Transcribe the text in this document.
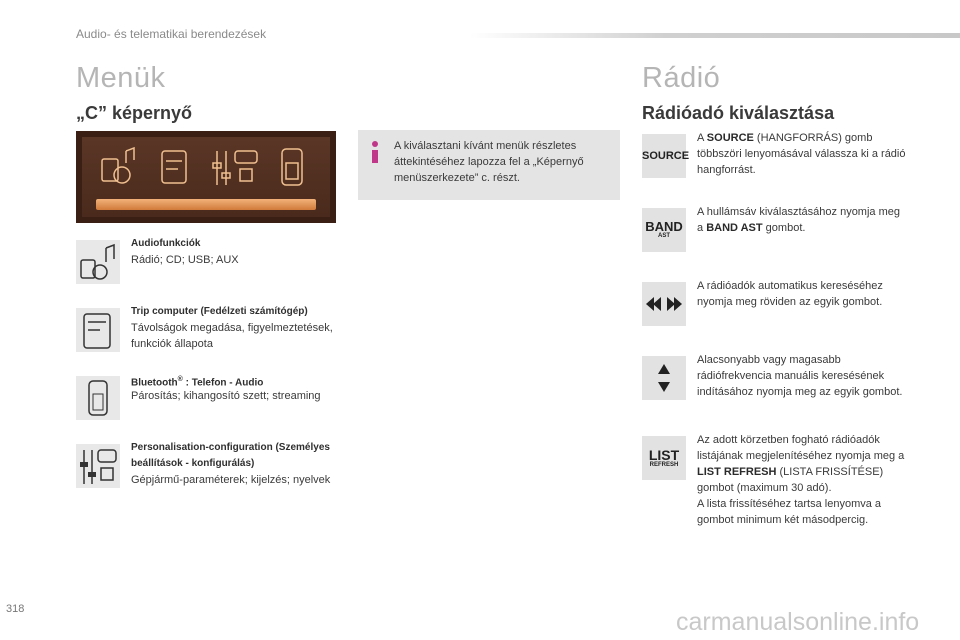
Audio- és telematikai berendezések
Menük
„C” képernyő
Audiofunkciók
Rádió; CD; USB; AUX
Trip computer (Fedélzeti számítógép)
Távolságok megadása, figyelmeztetések, funkciók állapota
Bluetooth® : Telefon - Audio
Párosítás; kihangosító szett; streaming
Personalisation-configuration (Személyes beállítások - konfigurálás)
Gépjármű-paraméterek; kijelzés; nyelvek
A kiválasztani kívánt menük részletes áttekintéséhez lapozza fel a „Képernyő menüszerkezete” c. részt.
Rádió
Rádióadó kiválasztása
SOURCE
A SOURCE (HANGFORRÁS) gomb többszöri lenyomásával válassza ki a rádió hangforrást.
BAND
AST
A hullámsáv kiválasztásához nyomja meg a BAND AST gombot.
A rádióadók automatikus kereséséhez nyomja meg röviden az egyik gombot.
Alacsonyabb vagy magasabb rádiófrekvencia manuális keresésének indításához nyomja meg az egyik gombot.
LIST
REFRESH
Az adott körzetben fogható rádióadók listájának megjelenítéséhez nyomja meg a LIST REFRESH (LISTA FRISSÍTÉSE) gombot (maximum 30 adó).
A lista frissítéséhez tartsa lenyomva a gombot minimum két másodpercig.
318	carmanualsonline.info
